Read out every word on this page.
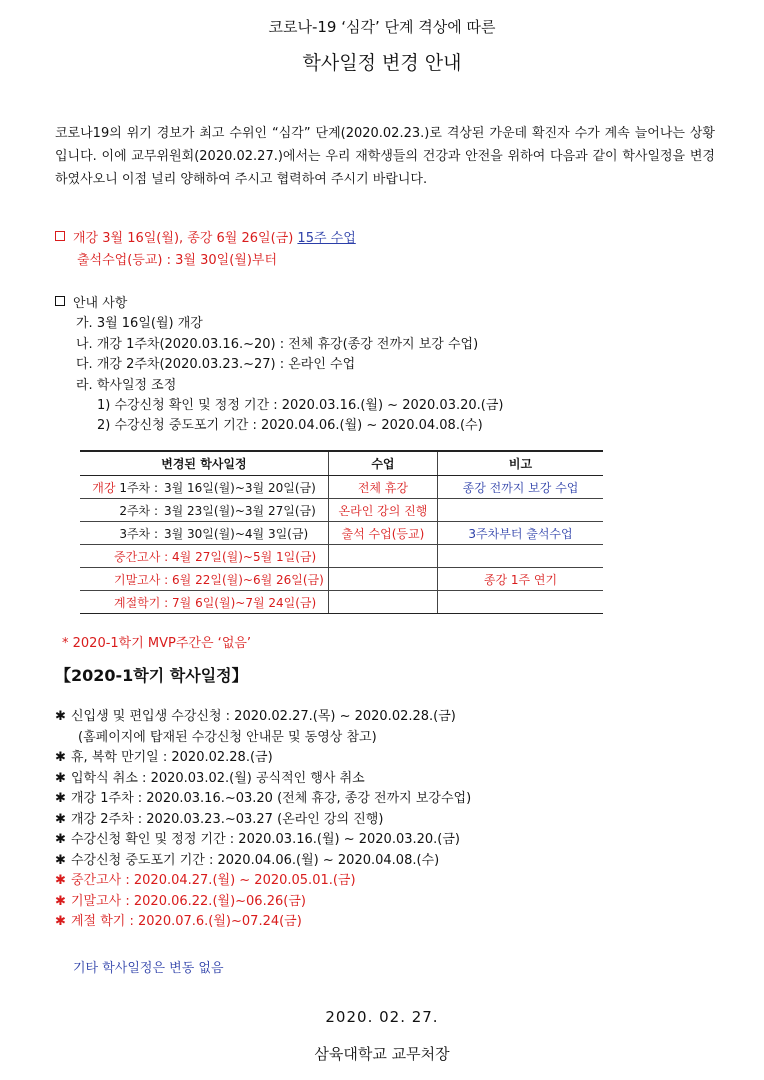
코로나-19 ‘심각’ 단계 격상에 따른
학사일정 변경 안내
코로나19의 위기 경보가 최고 수위인 “심각” 단계(2020.02.23.)로 격상된 가운데 확진자 수가 계속 늘어나는 상황입니다. 이에 교무위원회(2020.02.27.)에서는 우리 재학생들의 건강과 안전을 위하여 다음과 같이 학사일정을 변경하였사오니 이점 널리 양해하여 주시고 협력하여 주시기 바랍니다.
개강 3월 16일(월), 종강 6월 26일(금) 15주 수업
출석수업(등교) : 3월 30일(월)부터
안내 사항
가. 3월 16일(월) 개강
나. 개강 1주차(2020.03.16.~20) : 전체 휴강(종강 전까지 보강 수업)
다. 개강 2주차(2020.03.23.~27) : 온라인 수업
라. 학사일정 조정
1) 수강신청 확인 및 정정 기간 : 2020.03.16.(월) ~ 2020.03.20.(금)
2) 수강신청 중도포기 기간 : 2020.04.06.(월) ~ 2020.04.08.(수)
변경된 학사일정	수업	비고
개강 1주차 : 3월 16일(월)~3월 20일(금)	전체 휴강	종강 전까지 보강 수업
2주차 : 3월 23일(월)~3월 27일(금)	온라인 강의 진행	
3주차 : 3월 30일(월)~4월 3일(금)	출석 수업(등교)	3주차부터 출석수업
중간고사 : 4월 27일(월)~5월 1일(금)		
기말고사 : 6월 22일(월)~6월 26일(금)		종강 1주 연기
계절학기 : 7월 6일(월)~7월 24일(금)		
* 2020-1학기 MVP주간은 ‘없음’
【2020-1학기 학사일정】
✱ 신입생 및 편입생 수강신청 : 2020.02.27.(목) ~ 2020.02.28.(금)
(홈페이지에 탑재된 수강신청 안내문 및 동영상 참고)
✱ 휴, 복학 만기일 : 2020.02.28.(금)
✱ 입학식 취소 : 2020.03.02.(월) 공식적인 행사 취소
✱ 개강 1주차 : 2020.03.16.~03.20 (전체 휴강, 종강 전까지 보강수업)
✱ 개강 2주차 : 2020.03.23.~03.27 (온라인 강의 진행)
✱ 수강신청 확인 및 정정 기간 : 2020.03.16.(월) ~ 2020.03.20.(금)
✱ 수강신청 중도포기 기간 : 2020.04.06.(월) ~ 2020.04.08.(수)
✱ 중간고사 : 2020.04.27.(월) ~ 2020.05.01.(금)
✱ 기말고사 : 2020.06.22.(월)~06.26(금)
✱ 계절 학기 : 2020.07.6.(월)~07.24(금)
기타 학사일정은 변동 없음
2020. 02. 27.
삼육대학교 교무처장
